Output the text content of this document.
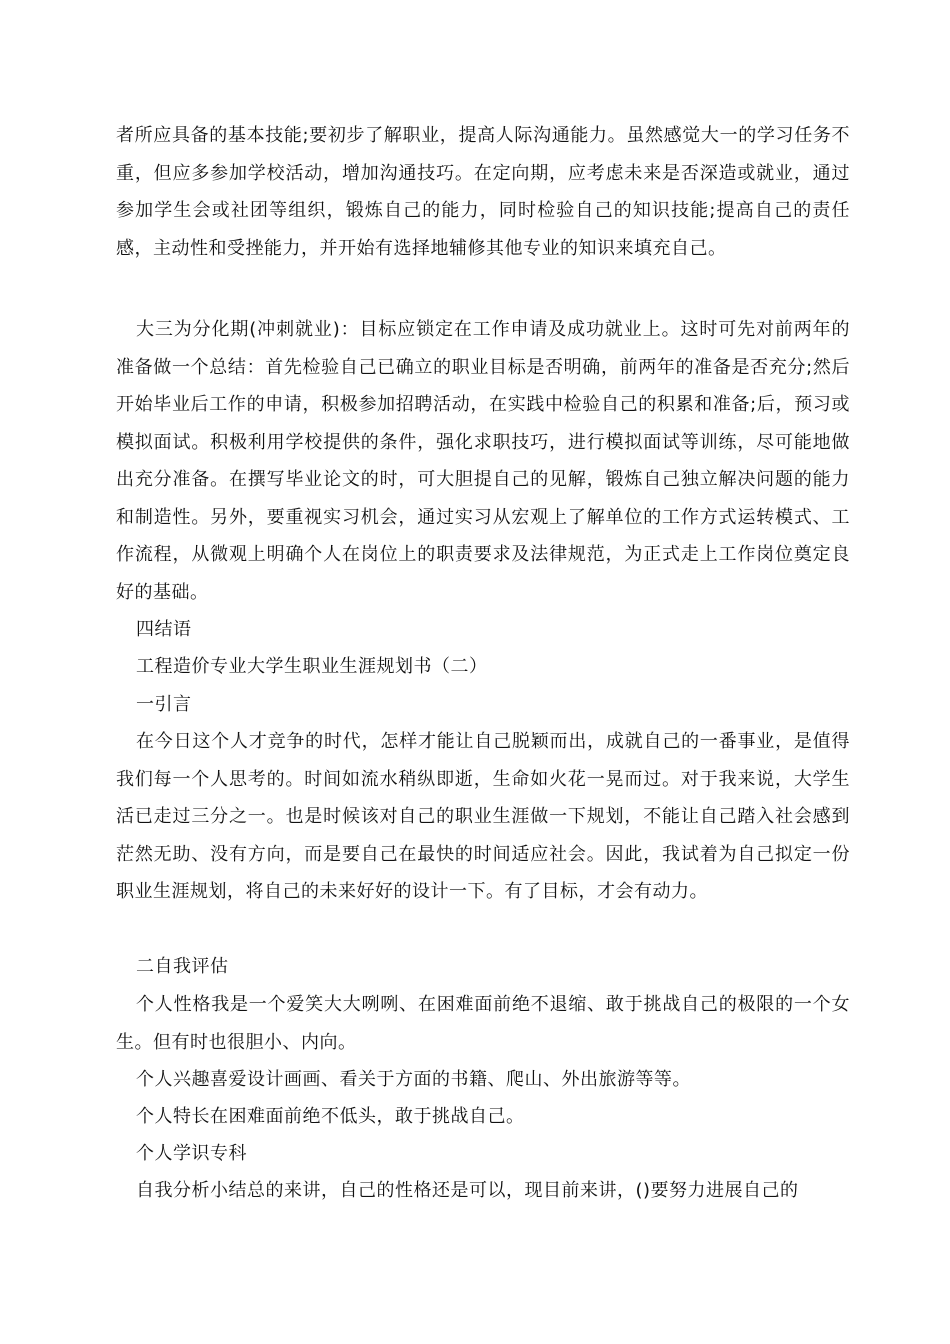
者所应具备的基本技能;要初步了解职业，提高人际沟通能力。虽然感觉大一的学习任务不重，但应多参加学校活动，增加沟通技巧。在定向期，应考虑未来是否深造或就业，通过参加学生会或社团等组织，锻炼自己的能力，同时检验自己的知识技能;提高自己的责任感，主动性和受挫能力，并开始有选择地辅修其他专业的知识来填充自己。

大三为分化期(冲刺就业)：目标应锁定在工作申请及成功就业上。这时可先对前两年的准备做一个总结：首先检验自己已确立的职业目标是否明确，前两年的准备是否充分;然后开始毕业后工作的申请，积极参加招聘活动，在实践中检验自己的积累和准备;后，预习或模拟面试。积极利用学校提供的条件，强化求职技巧，进行模拟面试等训练，尽可能地做出充分准备。在撰写毕业论文的时，可大胆提自己的见解，锻炼自己独立解决问题的能力和制造性。另外，要重视实习机会，通过实习从宏观上了解单位的工作方式运转模式、工作流程，从微观上明确个人在岗位上的职责要求及法律规范，为正式走上工作岗位奠定良好的基础。

四结语

工程造价专业大学生职业生涯规划书（二）

一引言

在今日这个人才竞争的时代，怎样才能让自己脱颖而出，成就自己的一番事业，是值得我们每一个人思考的。时间如流水稍纵即逝，生命如火花一晃而过。对于我来说，大学生活已走过三分之一。也是时候该对自己的职业生涯做一下规划，不能让自己踏入社会感到茫然无助、没有方向，而是要自己在最快的时间适应社会。因此，我试着为自己拟定一份职业生涯规划，将自己的未来好好的设计一下。有了目标，才会有动力。

二自我评估

个人性格我是一个爱笑大大咧咧、在困难面前绝不退缩、敢于挑战自己的极限的一个女生。但有时也很胆小、内向。

个人兴趣喜爱设计画画、看关于方面的书籍、爬山、外出旅游等等。

个人特长在困难面前绝不低头，敢于挑战自己。

个人学识专科

自我分析小结总的来讲，自己的性格还是可以，现目前来讲，()要努力进展自己的
